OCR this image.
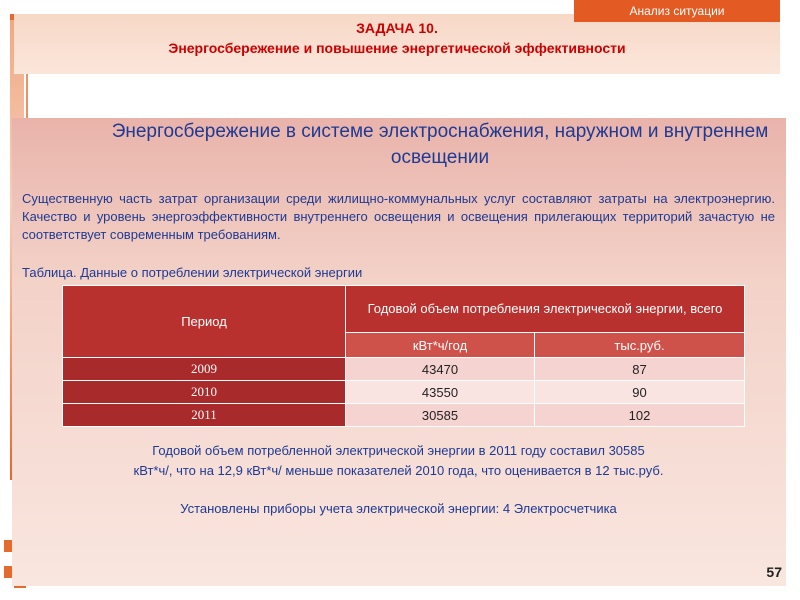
Анализ ситуации
ЗАДАЧА 10.
Энергосбережение и повышение энергетической эффективности
Энергосбережение в системе электроснабжения, наружном и внутреннем освещении

Существенную часть затрат организации среди жилищно-коммунальных услуг составляют затраты на электроэнергию. Качество и уровень энергоэффективности внутреннего освещения и освещения прилегающих территорий зачастую не соответствует современным требованиям.

Таблица. Данные о потреблении электрической энергии

Период	Годовой объем потребления электрической энергии, всего	
	кВт*ч/год	тыс.руб.
2009	43470	87
2010	43550	90
2011	30585	102

Годовой объем потребленной электрической энергии в 2011 году составил 30585
кВт*ч/, что на 12,9 кВт*ч/ меньше показателей 2010 года, что оценивается в 12 тыс.руб.

Установлены приборы учета электрической энергии: 4 Электросчетчика

57
